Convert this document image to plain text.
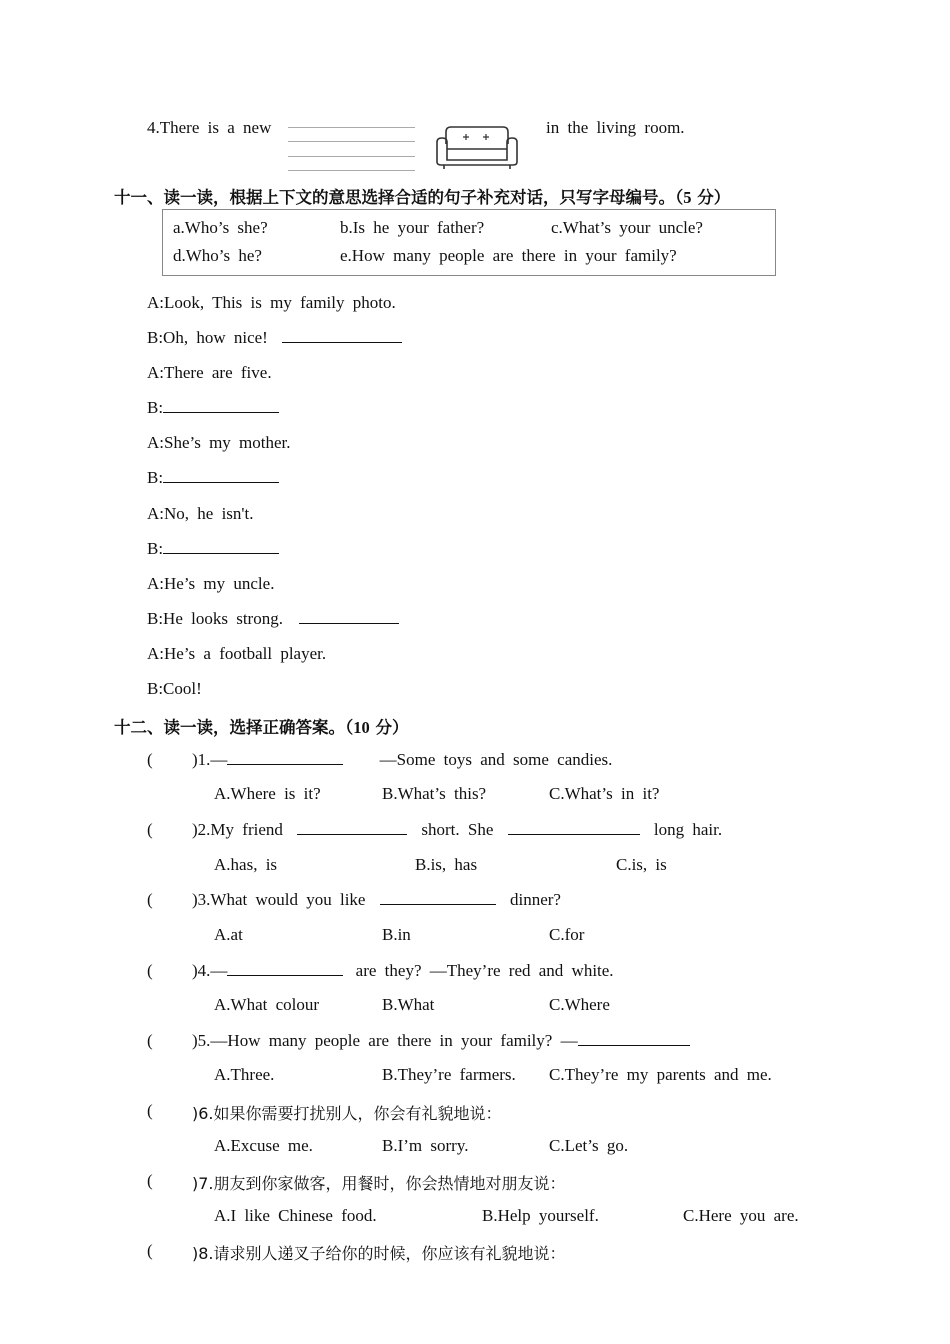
4.There is a new	in the living room.
十一、读一读，根据上下文的意思选择合适的句子补充对话，只写字母编号。（5 分）
a.Who’s she?	b.Is he your father?	c.What’s your uncle?
d.Who’s he?	e.How many people are there in your family?
A:Look, This is my family photo.
B:Oh, how nice!
A:There are five.
B:
A:She’s my mother.
B:
A:No, he isn't.
B:
A:He’s my uncle.
B:He looks strong.
A:He’s a football player.
B:Cool!
十二、读一读，选择正确答案。（10 分）
( )1.—	—Some toys and some candies.
A.Where is it?	B.What’s this?	C.What’s in it?
( )2.My friend	short. She	long hair.
A.has, is	B.is, has	C.is, is
( )3.What would you like	dinner?
A.at	B.in	C.for
( )4.—	are they? —They’re red and white.
A.What colour	B.What	C.Where
( )5.—How many people are there in your family? —
A.Three.	B.They’re farmers. C.They’re my parents and me.
( )6.如果你需要打扰别人，你会有礼貌地说：
A.Excuse me.	B.I’m sorry.	C.Let’s go.
( )7.朋友到你家做客，用餐时，你会热情地对朋友说：
A.I like Chinese food.	B.Help yourself.	C.Here you are.
( )8.请求别人递叉子给你的时候，你应该有礼貌地说：
